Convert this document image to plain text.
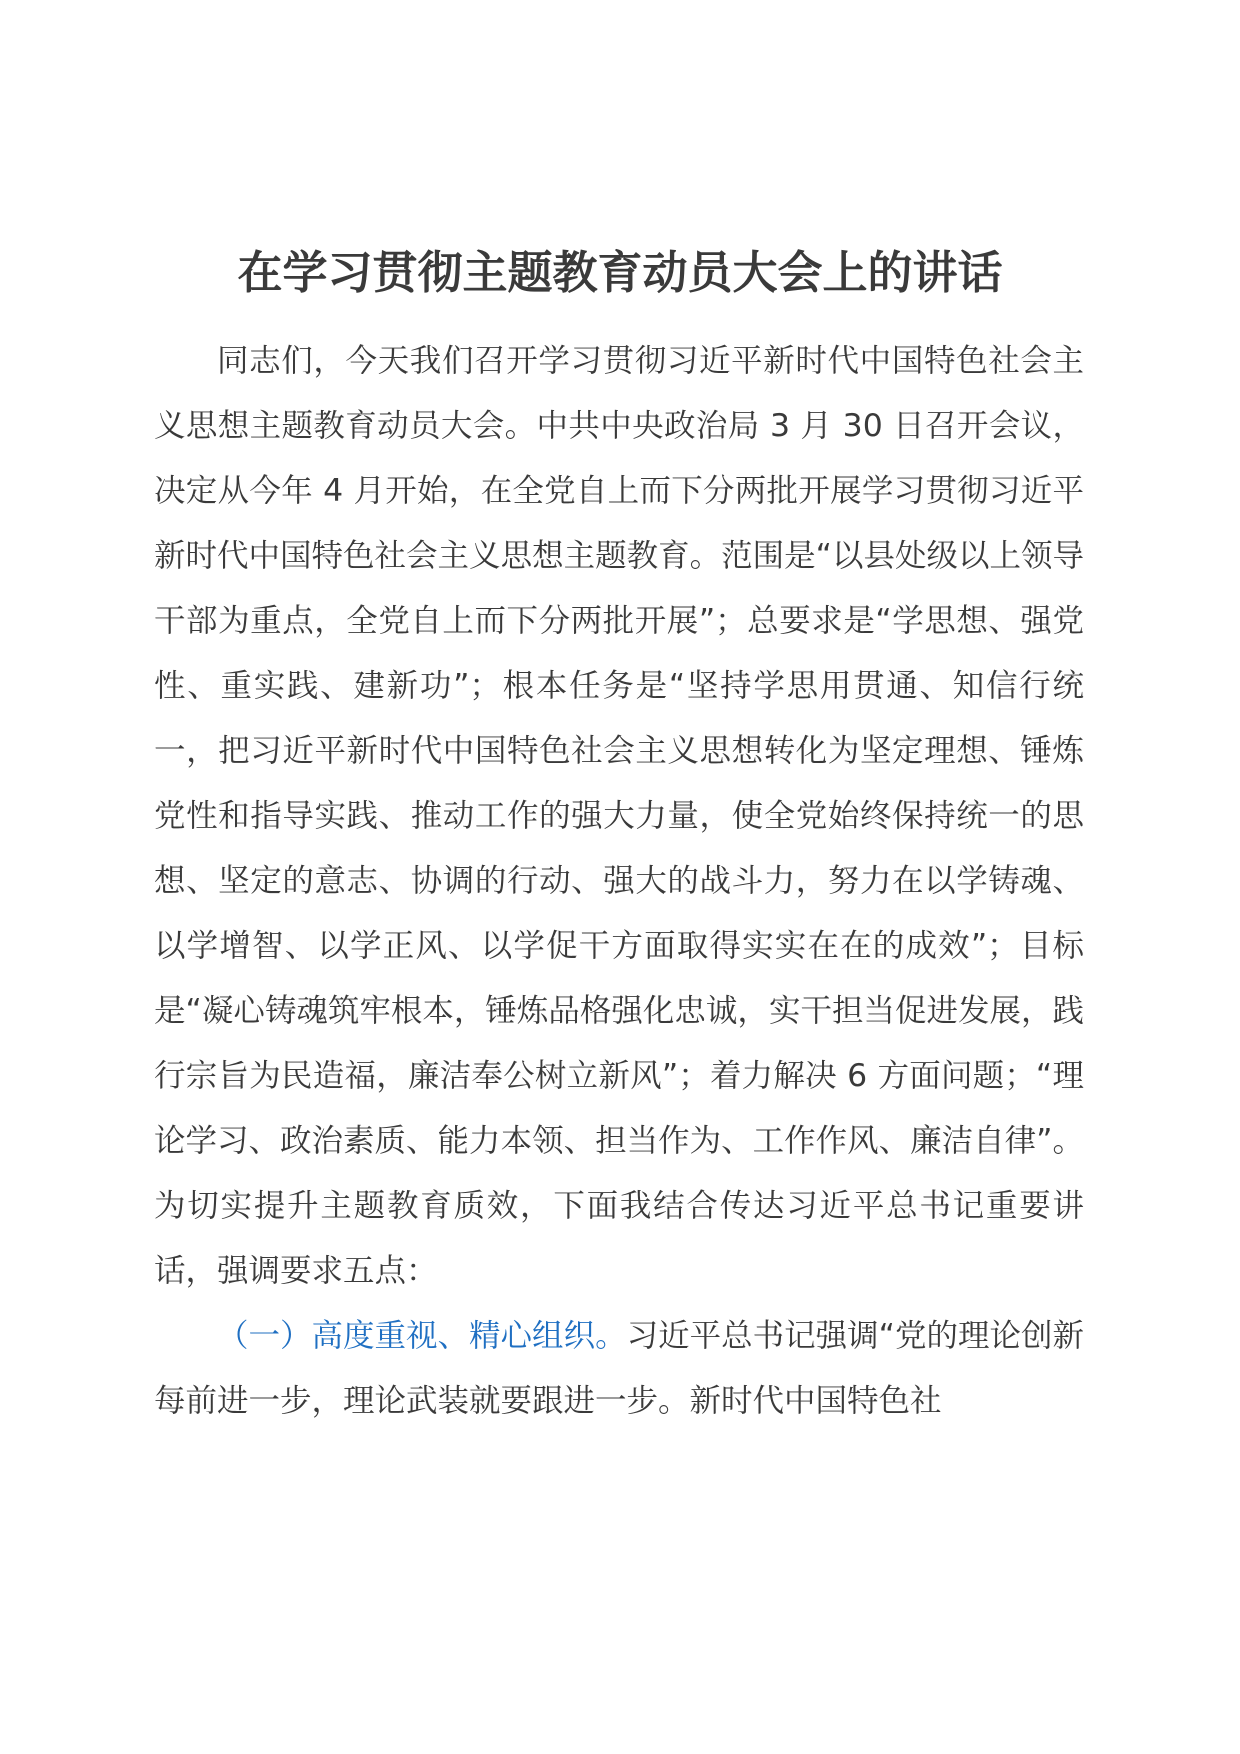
在学习贯彻主题教育动员大会上的讲话

同志们，今天我们召开学习贯彻习近平新时代中国特色社会主义思想主题教育动员大会。中共中央政治局 3 月 30 日召开会议，决定从今年 4 月开始，在全党自上而下分两批开展学习贯彻习近平新时代中国特色社会主义思想主题教育。范围是“以县处级以上领导干部为重点，全党自上而下分两批开展”；总要求是“学思想、强党性、重实践、建新功”；根本任务是“坚持学思用贯通、知信行统一，把习近平新时代中国特色社会主义思想转化为坚定理想、锤炼党性和指导实践、推动工作的强大力量，使全党始终保持统一的思想、坚定的意志、协调的行动、强大的战斗力，努力在以学铸魂、以学增智、以学正风、以学促干方面取得实实在在的成效”；目标是“凝心铸魂筑牢根本，锤炼品格强化忠诚，实干担当促进发展，践行宗旨为民造福，廉洁奉公树立新风”；着力解决 6 方面问题；“理论学习、政治素质、能力本领、担当作为、工作作风、廉洁自律”。为切实提升主题教育质效，下面我结合传达习近平总书记重要讲话，强调要求五点：

（一）高度重视、精心组织。习近平总书记强调“党的理论创新每前进一步，理论武装就要跟进一步。新时代中国特色社
